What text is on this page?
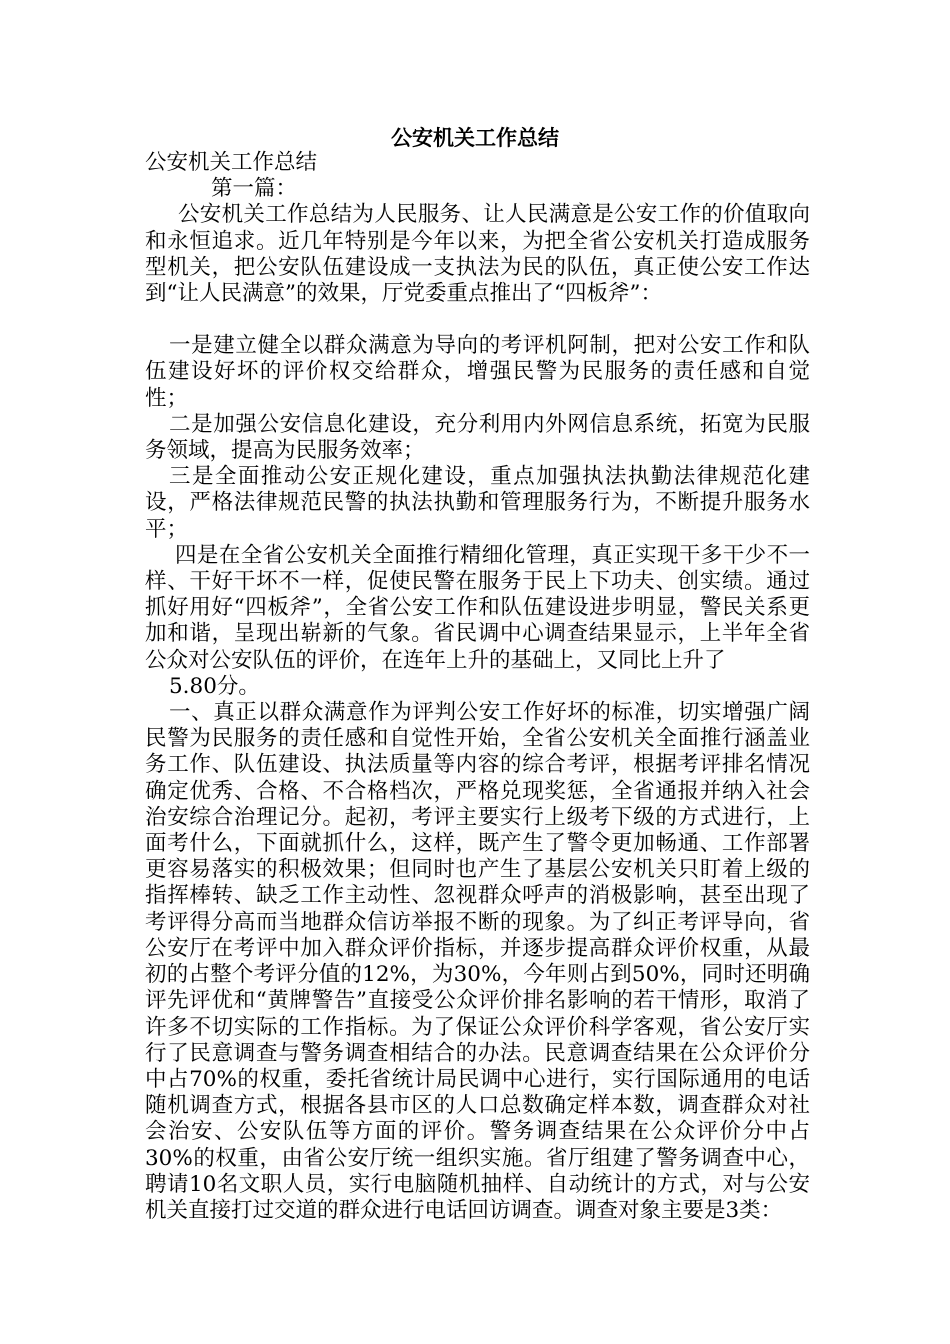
公安机关工作总结

公安机关工作总结

第一篇：

公安机关工作总结为人民服务、让人民满意是公安工作的价值取向和永恒追求。近几年特别是今年以来，为把全省公安机关打造成服务型机关，把公安队伍建设成一支执法为民的队伍，真正使公安工作达到“让人民满意”的效果，厅党委重点推出了“四板斧”：

一是建立健全以群众满意为导向的考评机阿制，把对公安工作和队伍建设好坏的评价权交给群众，增强民警为民服务的责任感和自觉性；

二是加强公安信息化建设，充分利用内外网信息系统，拓宽为民服务领域，提高为民服务效率；

三是全面推动公安正规化建设，重点加强执法执勤法律规范化建设，严格法律规范民警的执法执勤和管理服务行为，不断提升服务水平；

四是在全省公安机关全面推行精细化管理，真正实现干多干少不一样、干好干坏不一样，促使民警在服务于民上下功夫、创实绩。通过抓好用好“四板斧”，全省公安工作和队伍建设进步明显，警民关系更加和谐，呈现出崭新的气象。省民调中心调查结果显示，上半年全省公众对公安队伍的评价，在连年上升的基础上，又同比上升了

5.80分。

一、真正以群众满意作为评判公安工作好坏的标准，切实增强广阔民警为民服务的责任感和自觉性开始，全省公安机关全面推行涵盖业务工作、队伍建设、执法质量等内容的综合考评，根据考评排名情况确定优秀、合格、不合格档次，严格兑现奖惩，全省通报并纳入社会治安综合治理记分。起初，考评主要实行上级考下级的方式进行，上面考什么，下面就抓什么，这样，既产生了警令更加畅通、工作部署更容易落实的积极效果；但同时也产生了基层公安机关只盯着上级的指挥棒转、缺乏工作主动性、忽视群众呼声的消极影响，甚至出现了考评得分高而当地群众信访举报不断的现象。为了纠正考评导向，省公安厅在考评中加入群众评价指标，并逐步提高群众评价权重，从最初的占整个考评分值的12%，为30%，今年则占到50%，同时还明确评先评优和“黄牌警告”直接受公众评价排名影响的若干情形，取消了许多不切实际的工作指标。为了保证公众评价科学客观，省公安厅实行了民意调查与警务调查相结合的办法。民意调查结果在公众评价分中占70%的权重，委托省统计局民调中心进行，实行国际通用的电话随机调查方式，根据各县市区的人口总数确定样本数，调查群众对社会治安、公安队伍等方面的评价。警务调查结果在公众评价分中占30%的权重，由省公安厅统一组织实施。省厅组建了警务调查中心，聘请10名文职人员，实行电脑随机抽样、自动统计的方式，对与公安机关直接打过交道的群众进行电话回访调查。调查对象主要是3类：
